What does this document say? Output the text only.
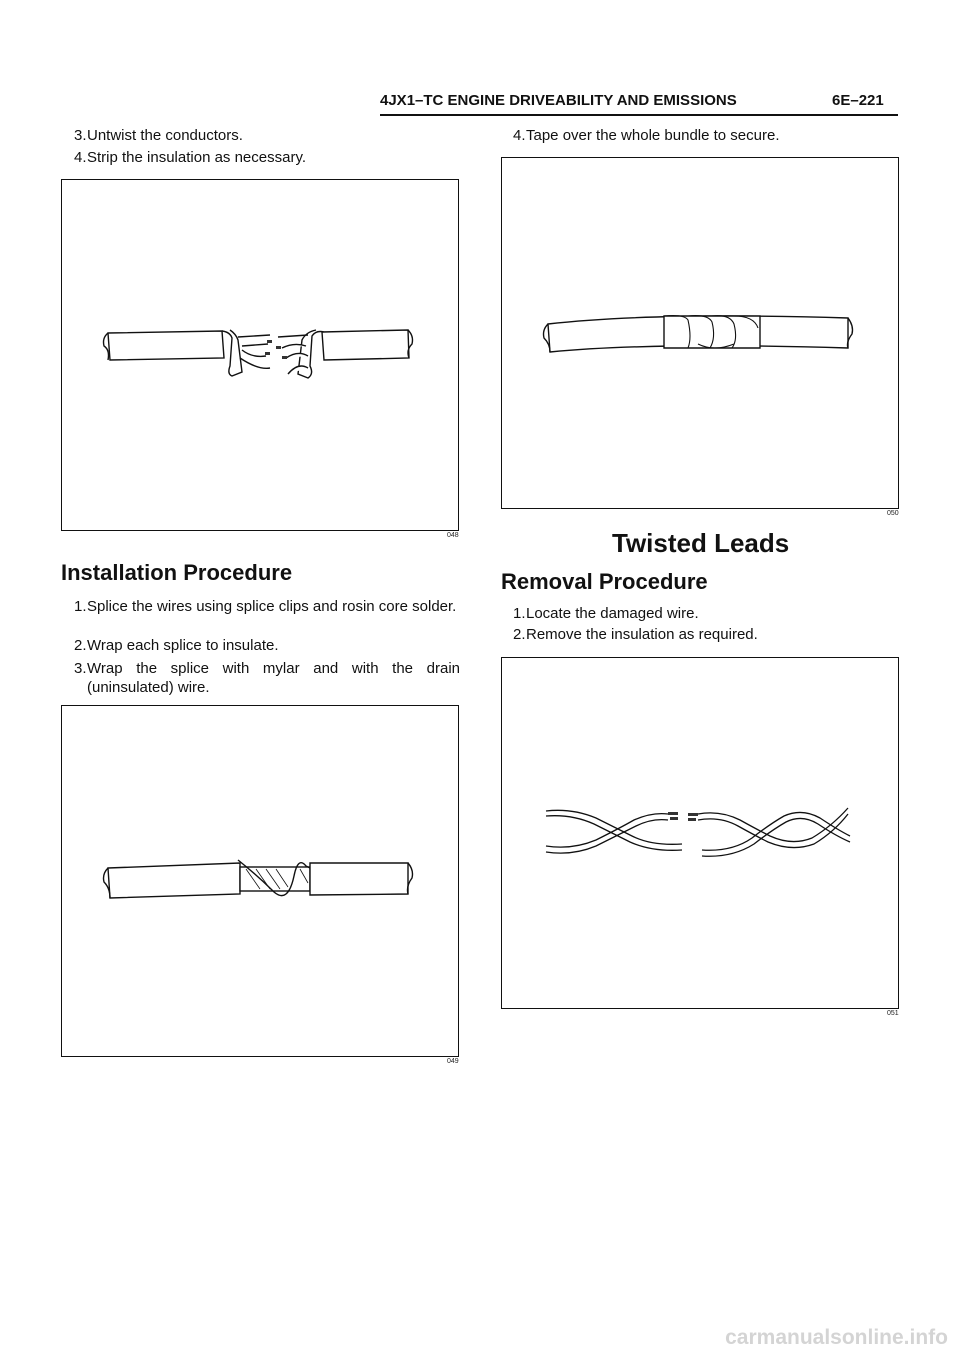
4JX1–TC ENGINE DRIVEABILITY AND EMISSIONS	6E–221
3. Untwist the conductors.
4. Strip the insulation as necessary.
048
Installation Procedure
1. Splice the wires using splice clips and rosin core solder.
2. Wrap each splice to insulate.
3. Wrap the splice with mylar and with the drain (uninsulated) wire.
049
4. Tape over the whole bundle to secure.
050
Twisted Leads
Removal Procedure
1. Locate the damaged wire.
2. Remove the insulation as required.
051
carmanualsonline.info
